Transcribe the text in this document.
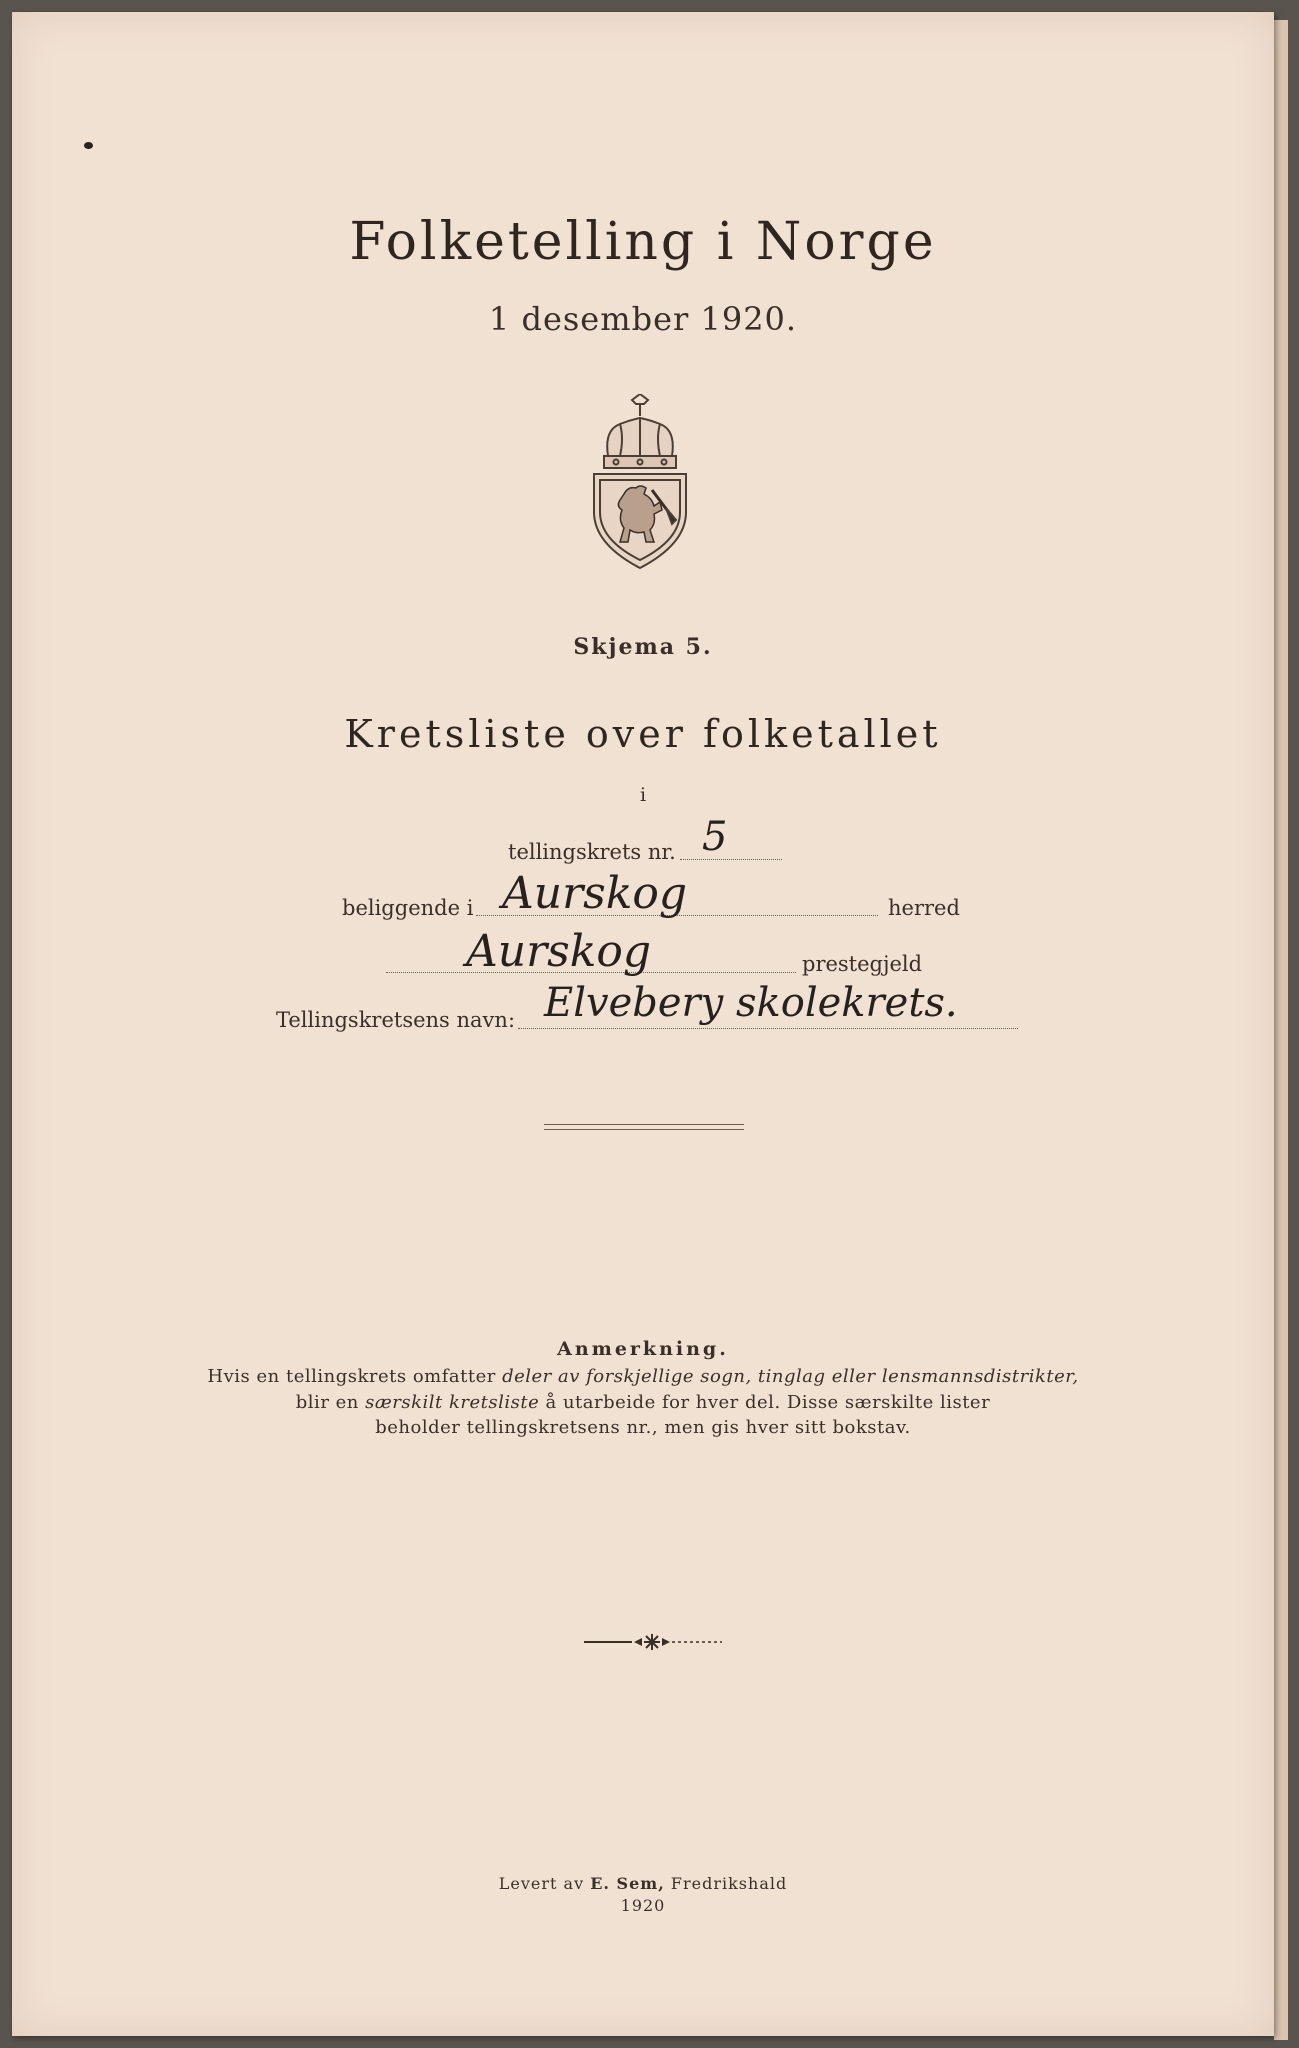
Folketelling i Norge
1 desember 1920.
Skjema 5.
Kretsliste over folketallet
i
tellingskrets nr. 5
beliggende i Aurskog	herred
Aurskog	prestegjeld
Tellingskretsens navn: Elvebery skolekrets.
Anmerkning.
Hvis en tellingskrets omfatter deler av forskjellige sogn, tinglag eller lensmannsdistrikter,
blir en særskilt kretsliste å utarbeide for hver del. Disse særskilte lister
beholder tellingskretsens nr., men gis hver sitt bokstav.
Levert av E. Sem, Fredrikshald
1920
